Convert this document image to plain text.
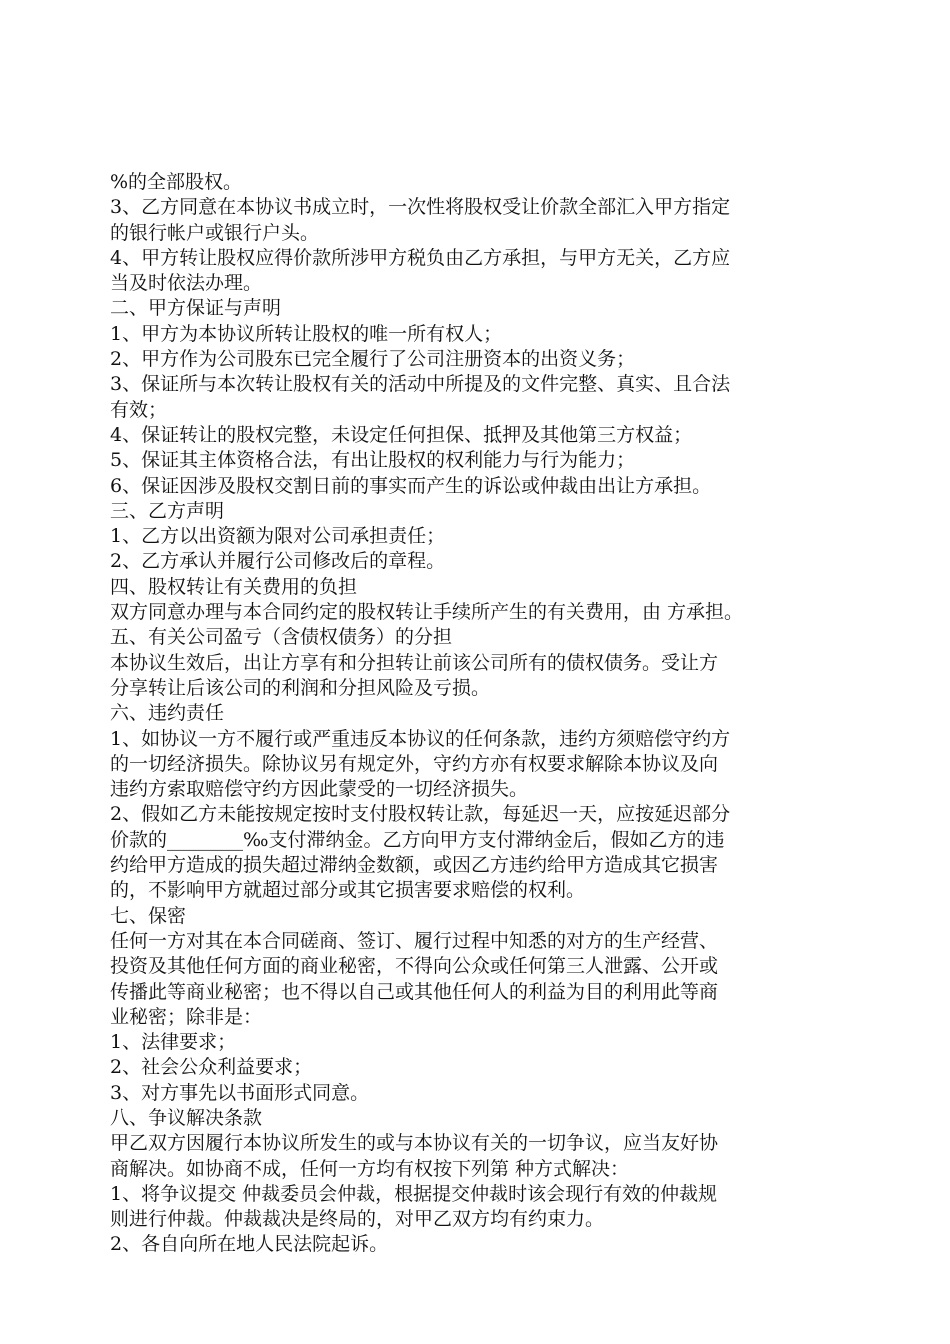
%的全部股权。
3、乙方同意在本协议书成立时，一次性将股权受让价款全部汇入甲方指定
的银行帐户或银行户头。
4、甲方转让股权应得价款所涉甲方税负由乙方承担，与甲方无关，乙方应
当及时依法办理。
二、甲方保证与声明
1、甲方为本协议所转让股权的唯一所有权人；
2、甲方作为公司股东已完全履行了公司注册资本的出资义务；
3、保证所与本次转让股权有关的活动中所提及的文件完整、真实、且合法
有效；
4、保证转让的股权完整，未设定任何担保、抵押及其他第三方权益；
5、保证其主体资格合法，有出让股权的权利能力与行为能力；
6、保证因涉及股权交割日前的事实而产生的诉讼或仲裁由出让方承担。
三、乙方声明
1、乙方以出资额为限对公司承担责任；
2、乙方承认并履行公司修改后的章程。
四、股权转让有关费用的负担
双方同意办理与本合同约定的股权转让手续所产生的有关费用，由 方承担。
五、有关公司盈亏（含债权债务）的分担
本协议生效后，出让方享有和分担转让前该公司所有的债权债务。受让方
分享转让后该公司的利润和分担风险及亏损。
六、违约责任
1、如协议一方不履行或严重违反本协议的任何条款，违约方须赔偿守约方
的一切经济损失。除协议另有规定外，守约方亦有权要求解除本协议及向
违约方索取赔偿守约方因此蒙受的一切经济损失。
2、假如乙方未能按规定按时支付股权转让款，每延迟一天，应按延迟部分
价款的________‰支付滞纳金。乙方向甲方支付滞纳金后，假如乙方的违
约给甲方造成的损失超过滞纳金数额，或因乙方违约给甲方造成其它损害
的，不影响甲方就超过部分或其它损害要求赔偿的权利。
七、保密
任何一方对其在本合同磋商、签订、履行过程中知悉的对方的生产经营、
投资及其他任何方面的商业秘密，不得向公众或任何第三人泄露、公开或
传播此等商业秘密；也不得以自己或其他任何人的利益为目的利用此等商
业秘密；除非是：
1、法律要求；
2、社会公众利益要求；
3、对方事先以书面形式同意。
八、争议解决条款
甲乙双方因履行本协议所发生的或与本协议有关的一切争议，应当友好协
商解决。如协商不成，任何一方均有权按下列第 种方式解决：
1、将争议提交 仲裁委员会仲裁，根据提交仲裁时该会现行有效的仲裁规
则进行仲裁。仲裁裁决是终局的，对甲乙双方均有约束力。
2、各自向所在地人民法院起诉。
